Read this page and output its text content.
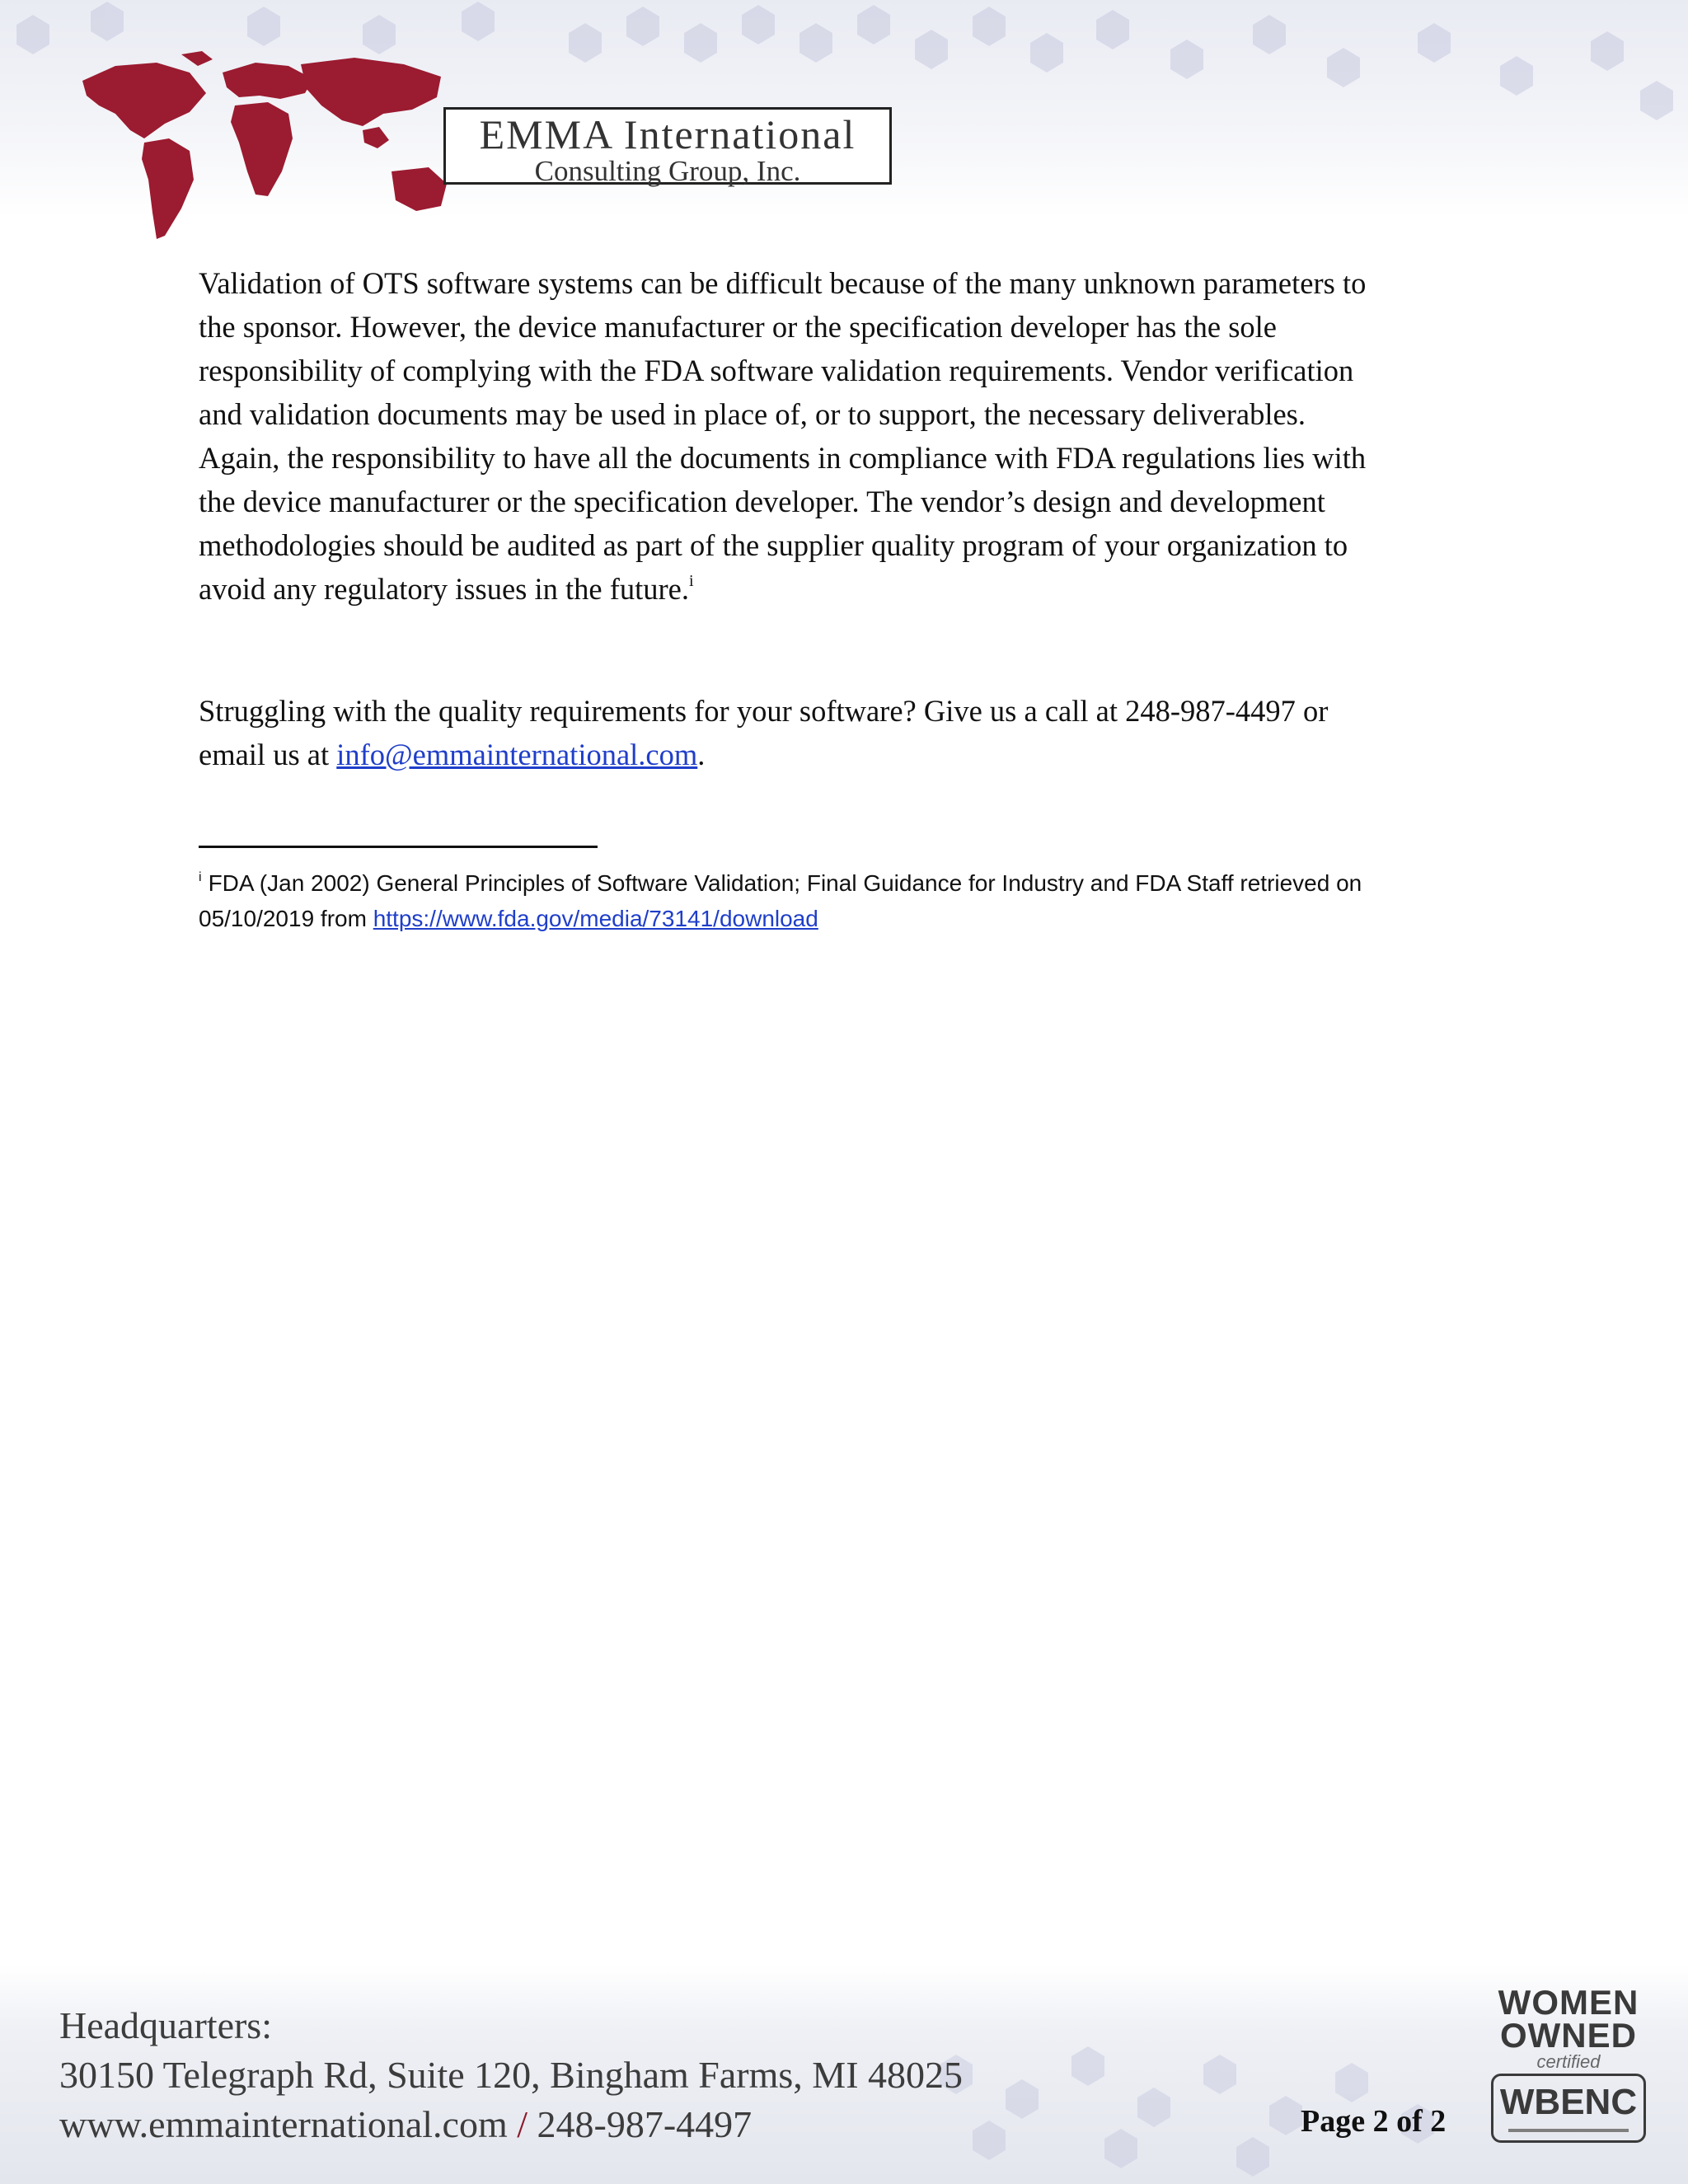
EMMA International
Consulting Group, Inc.

Validation of OTS software systems can be difficult because of the many unknown parameters to
the sponsor. However, the device manufacturer or the specification developer has the sole
responsibility of complying with the FDA software validation requirements. Vendor verification
and validation documents may be used in place of, or to support, the necessary deliverables.
Again, the responsibility to have all the documents in compliance with FDA regulations lies with
the device manufacturer or the specification developer. The vendor’s design and development
methodologies should be audited as part of the supplier quality program of your organization to
avoid any regulatory issues in the future.$^i$

Struggling with the quality requirements for your software? Give us a call at 248-987-4497 or
email us at info@emmainternational.com.

$^i$ FDA (Jan 2002) General Principles of Software Validation; Final Guidance for Industry and FDA Staff retrieved on
05/10/2019 from https://www.fda.gov/media/73141/download
Headquarters:
30150 Telegraph Rd, Suite 120, Bingham Farms, MI 48025
www.emmainternational.com / 248-987-4497	Page 2 of 2
WOMEN
OWNED
certified
WBENC
